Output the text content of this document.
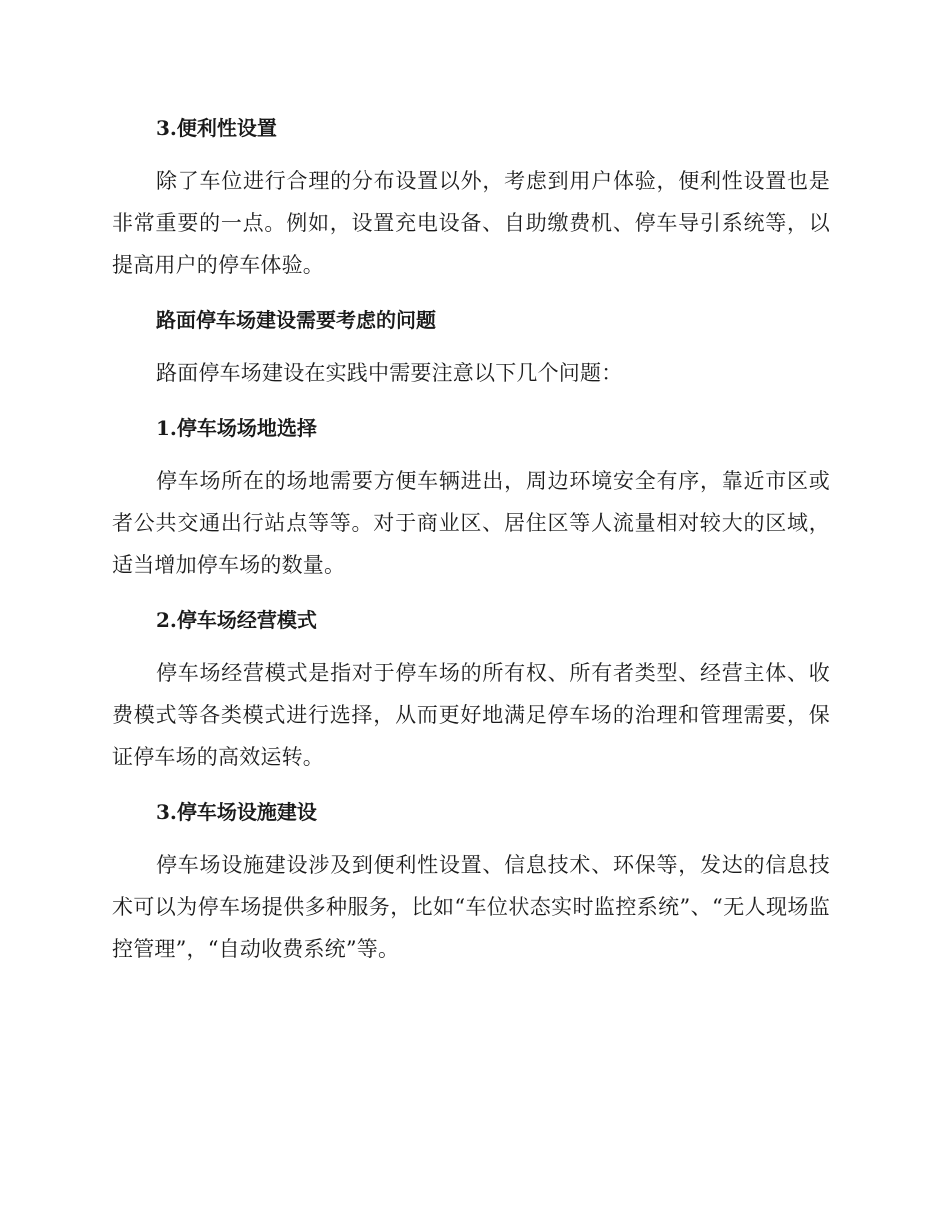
3.便利性设置

除了车位进行合理的分布设置以外，考虑到用户体验，便利性设置也是非常重要的一点。例如，设置充电设备、自助缴费机、停车导引系统等，以提高用户的停车体验。

路面停车场建设需要考虑的问题

路面停车场建设在实践中需要注意以下几个问题：

1.停车场场地选择

停车场所在的场地需要方便车辆进出，周边环境安全有序，靠近市区或者公共交通出行站点等等。对于商业区、居住区等人流量相对较大的区域，适当增加停车场的数量。

2.停车场经营模式

停车场经营模式是指对于停车场的所有权、所有者类型、经营主体、收费模式等各类模式进行选择，从而更好地满足停车场的治理和管理需要，保证停车场的高效运转。

3.停车场设施建设

停车场设施建设涉及到便利性设置、信息技术、环保等，发达的信息技术可以为停车场提供多种服务，比如“车位状态实时监控系统”、“无人现场监控管理”，“自动收费系统”等。
